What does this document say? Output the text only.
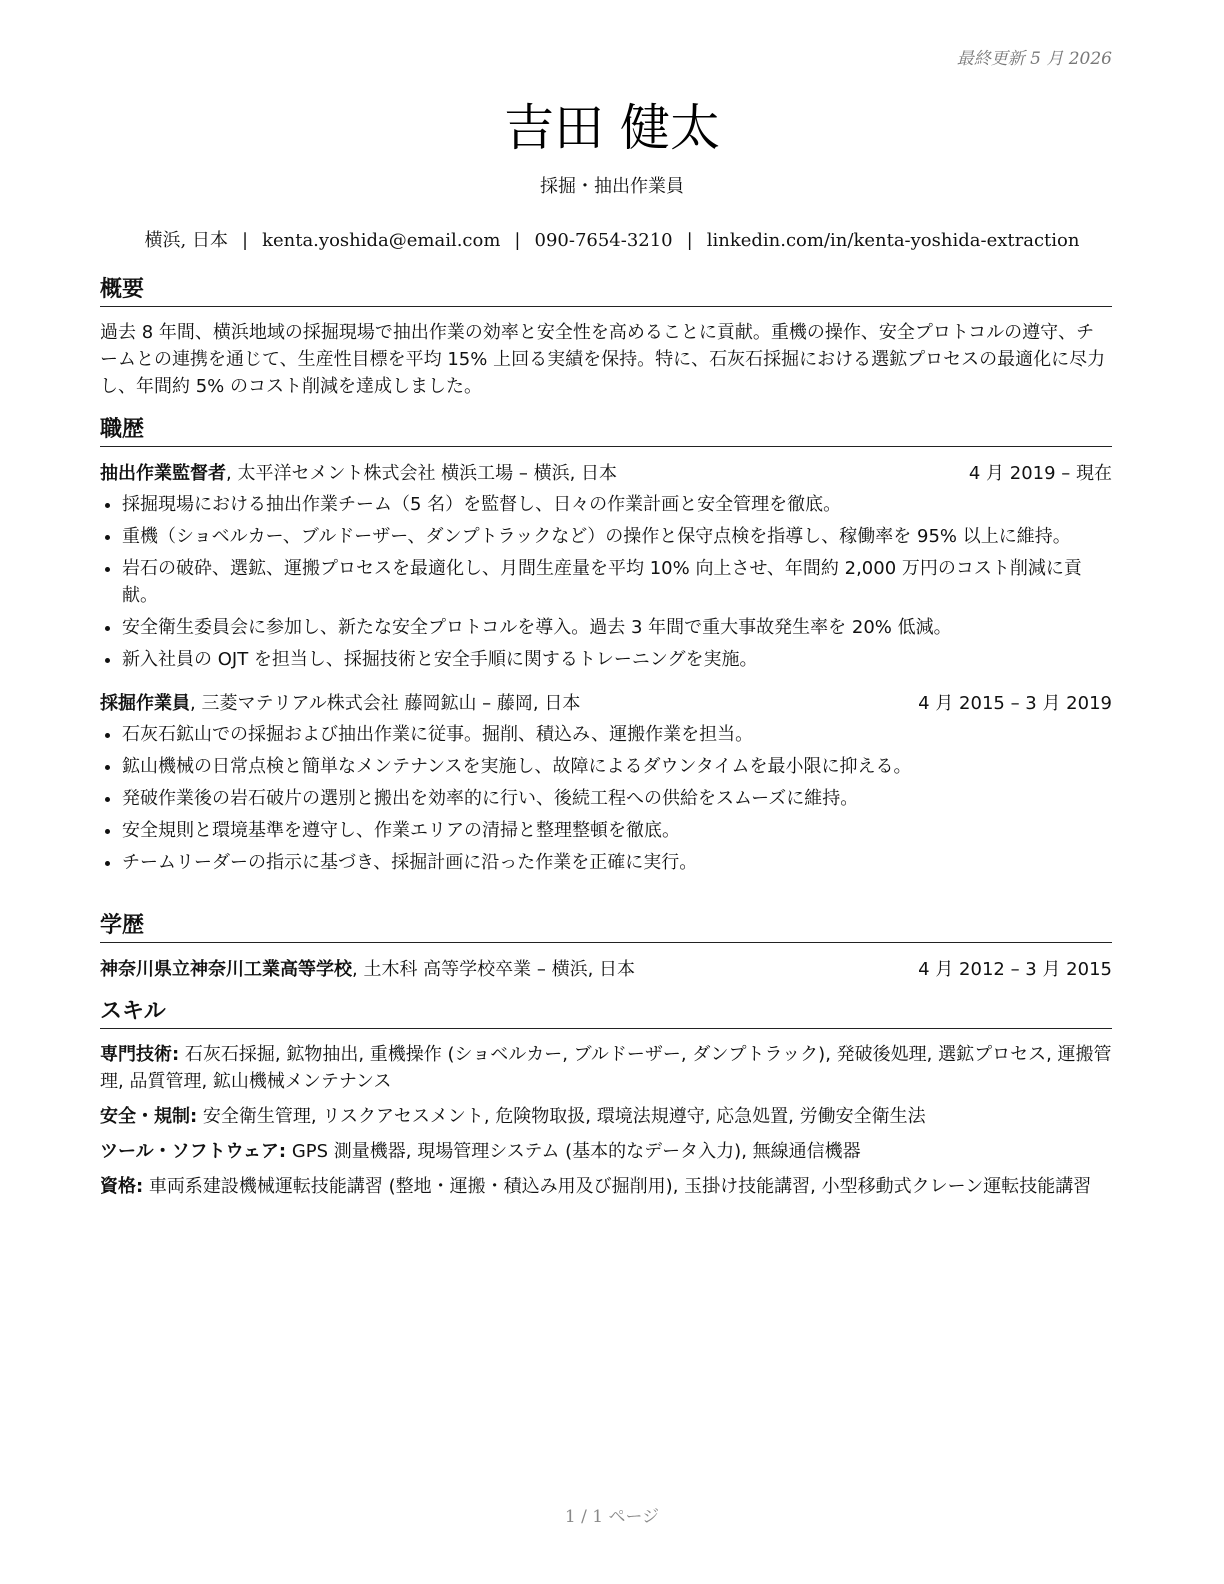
最終更新 5 月 2026
吉田 健太
採掘・抽出作業員
横浜, 日本 | kenta.yoshida@email.com | 090-7654-3210 | linkedin.com/in/kenta-yoshida-extraction
概要
過去 8 年間、横浜地域の採掘現場で抽出作業の効率と安全性を高めることに貢献。重機の操作、安全プロトコルの遵守、チームとの連携を通じて、生産性目標を平均 15% 上回る実績を保持。特に、石灰石採掘における選鉱プロセスの最適化に尽力し、年間約 5% のコスト削減を達成しました。
職歴
抽出作業監督者, 太平洋セメント株式会社 横浜工場 – 横浜, 日本	4 月 2019 – 現在
• 採掘現場における抽出作業チーム（5 名）を監督し、日々の作業計画と安全管理を徹底。
• 重機（ショベルカー、ブルドーザー、ダンプトラックなど）の操作と保守点検を指導し、稼働率を 95% 以上に維持。
• 岩石の破砕、選鉱、運搬プロセスを最適化し、月間生産量を平均 10% 向上させ、年間約 2,000 万円のコスト削減に貢献。
• 安全衛生委員会に参加し、新たな安全プロトコルを導入。過去 3 年間で重大事故発生率を 20% 低減。
• 新入社員の OJT を担当し、採掘技術と安全手順に関するトレーニングを実施。
採掘作業員, 三菱マテリアル株式会社 藤岡鉱山 – 藤岡, 日本	4 月 2015 – 3 月 2019
• 石灰石鉱山での採掘および抽出作業に従事。掘削、積込み、運搬作業を担当。
• 鉱山機械の日常点検と簡単なメンテナンスを実施し、故障によるダウンタイムを最小限に抑える。
• 発破作業後の岩石破片の選別と搬出を効率的に行い、後続工程への供給をスムーズに維持。
• 安全規則と環境基準を遵守し、作業エリアの清掃と整理整頓を徹底。
• チームリーダーの指示に基づき、採掘計画に沿った作業を正確に実行。
学歴
神奈川県立神奈川工業高等学校, 土木科 高等学校卒業 – 横浜, 日本	4 月 2012 – 3 月 2015
スキル
専門技術: 石灰石採掘, 鉱物抽出, 重機操作 (ショベルカー, ブルドーザー, ダンプトラック), 発破後処理, 選鉱プロセス, 運搬管理, 品質管理, 鉱山機械メンテナンス
安全・規制: 安全衛生管理, リスクアセスメント, 危険物取扱, 環境法規遵守, 応急処置, 労働安全衛生法
ツール・ソフトウェア: GPS 測量機器, 現場管理システム (基本的なデータ入力), 無線通信機器
資格: 車両系建設機械運転技能講習 (整地・運搬・積込み用及び掘削用), 玉掛け技能講習, 小型移動式クレーン運転技能講習
1 / 1 ページ
